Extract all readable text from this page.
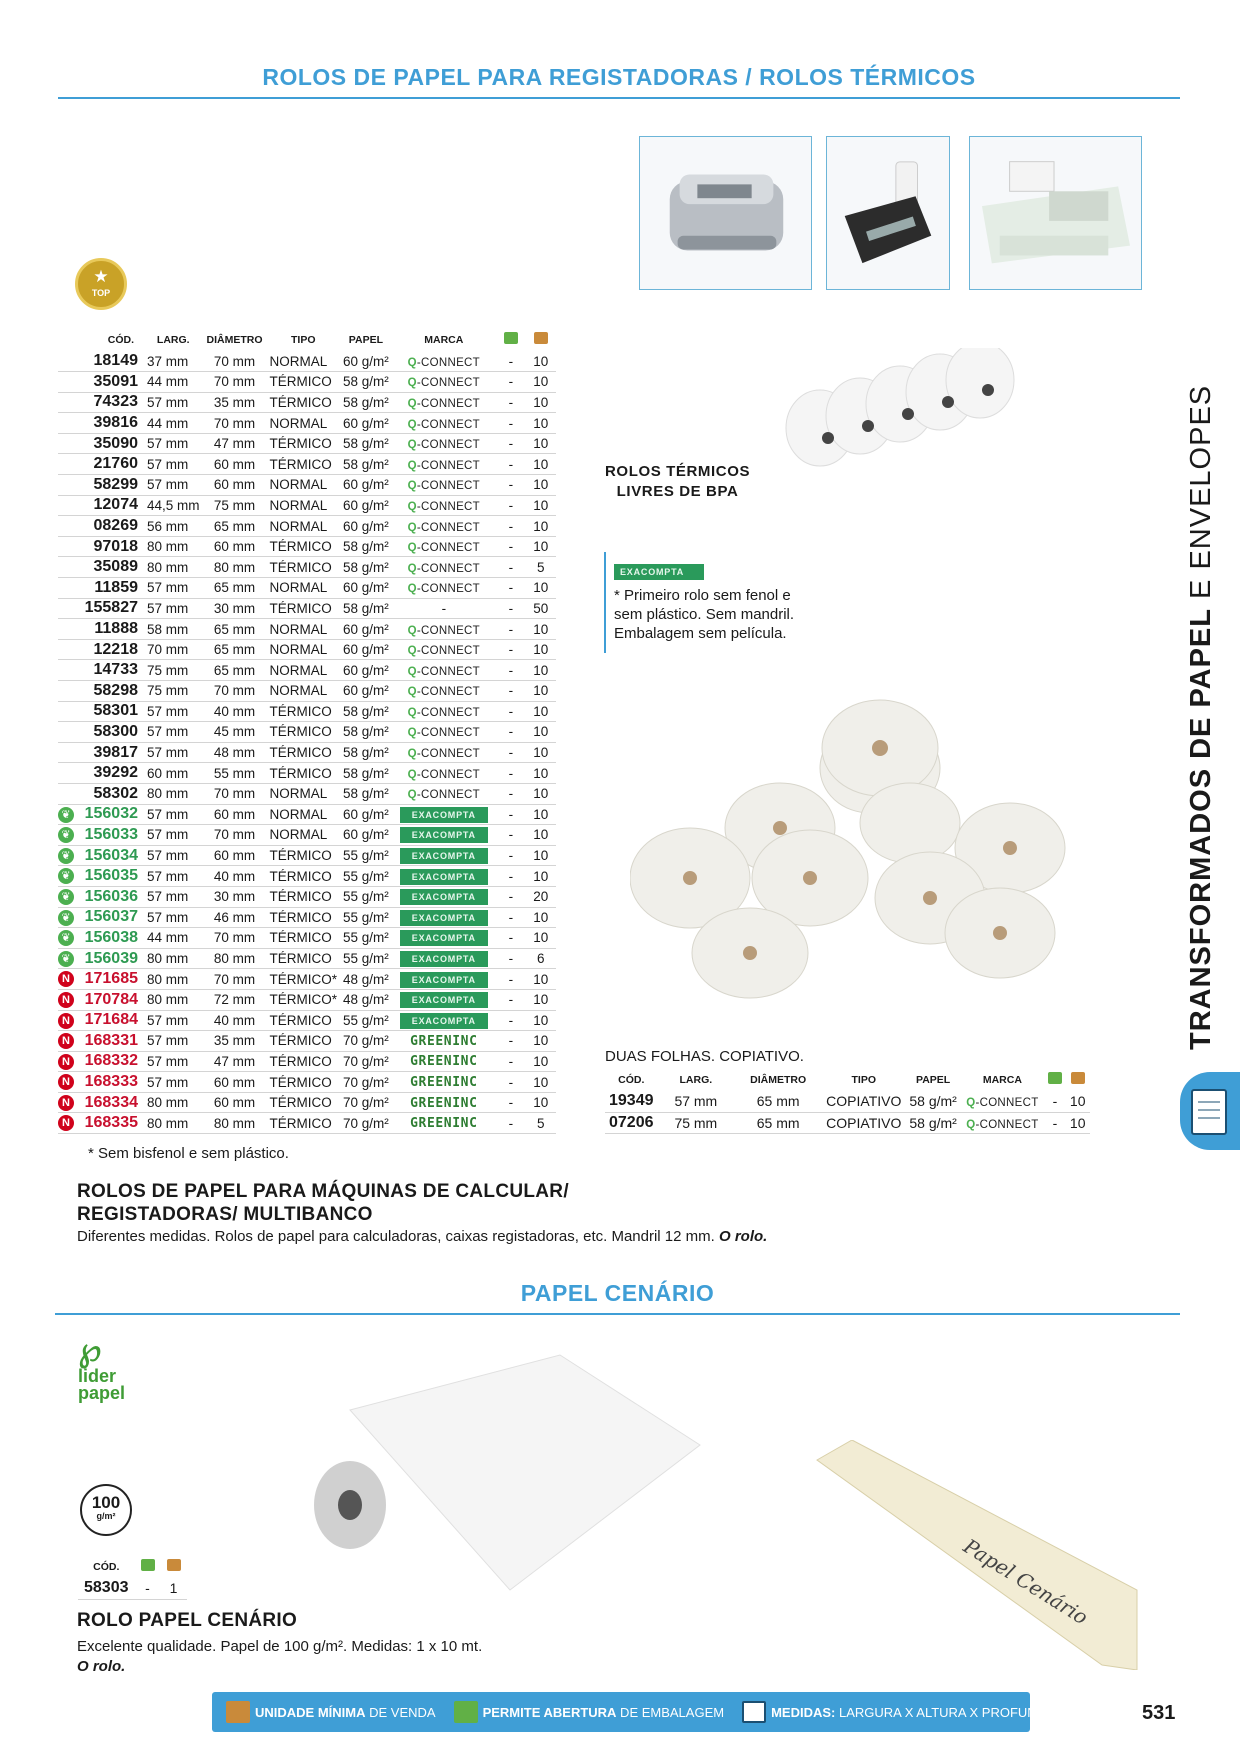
ROLOS DE PAPEL PARA REGISTADORAS / ROLOS TÉRMICOS
★
TOP
CÓD.	LARG.	DIÂMETRO	TIPO	PAPEL	MARCA		
18149	37 mm	70 mm	NORMAL	60 g/m²	Q-CONNECT	-	10
35091	44 mm	70 mm	TÉRMICO	58 g/m²	Q-CONNECT	-	10
74323	57 mm	35 mm	TÉRMICO	58 g/m²	Q-CONNECT	-	10
39816	44 mm	70 mm	NORMAL	60 g/m²	Q-CONNECT	-	10
35090	57 mm	47 mm	TÉRMICO	58 g/m²	Q-CONNECT	-	10
21760	57 mm	60 mm	TÉRMICO	58 g/m²	Q-CONNECT	-	10
58299	57 mm	60 mm	NORMAL	60 g/m²	Q-CONNECT	-	10
12074	44,5 mm	75 mm	NORMAL	60 g/m²	Q-CONNECT	-	10
08269	56 mm	65 mm	NORMAL	60 g/m²	Q-CONNECT	-	10
97018	80 mm	60 mm	TÉRMICO	58 g/m²	Q-CONNECT	-	10
35089	80 mm	80 mm	TÉRMICO	58 g/m²	Q-CONNECT	-	5
11859	57 mm	65 mm	NORMAL	60 g/m²	Q-CONNECT	-	10
155827	57 mm	30 mm	TÉRMICO	58 g/m²	-	-	50
11888	58 mm	65 mm	NORMAL	60 g/m²	Q-CONNECT	-	10
12218	70 mm	65 mm	NORMAL	60 g/m²	Q-CONNECT	-	10
14733	75 mm	65 mm	NORMAL	60 g/m²	Q-CONNECT	-	10
58298	75 mm	70 mm	NORMAL	60 g/m²	Q-CONNECT	-	10
58301	57 mm	40 mm	TÉRMICO	58 g/m²	Q-CONNECT	-	10
58300	57 mm	45 mm	TÉRMICO	58 g/m²	Q-CONNECT	-	10
39817	57 mm	48 mm	TÉRMICO	58 g/m²	Q-CONNECT	-	10
39292	60 mm	55 mm	TÉRMICO	58 g/m²	Q-CONNECT	-	10
58302	80 mm	70 mm	NORMAL	58 g/m²	Q-CONNECT	-	10

❦ 156032	57 mm	60 mm	NORMAL	60 g/m²	EXACOMPTA	-	10

❦ 156033	57 mm	70 mm	NORMAL	60 g/m²	EXACOMPTA	-	10

❦ 156034	57 mm	60 mm	TÉRMICO	55 g/m²	EXACOMPTA	-	10

❦ 156035	57 mm	40 mm	TÉRMICO	55 g/m²	EXACOMPTA	-	10

❦ 156036	57 mm	30 mm	TÉRMICO	55 g/m²	EXACOMPTA	-	20

❦ 156037	57 mm	46 mm	TÉRMICO	55 g/m²	EXACOMPTA	-	10

❦ 156038	44 mm	70 mm	TÉRMICO	55 g/m²	EXACOMPTA	-	10

❦ 156039	80 mm	80 mm	TÉRMICO	55 g/m²	EXACOMPTA	-	6

N 171685	80 mm	70 mm	TÉRMICO*	48 g/m²	EXACOMPTA	-	10

N 170784	80 mm	72 mm	TÉRMICO*	48 g/m²	EXACOMPTA	-	10

N 171684	57 mm	40 mm	TÉRMICO	55 g/m²	EXACOMPTA	-	10

N 168331	57 mm	35 mm	TÉRMICO	70 g/m²	GREENINC	-	10

N 168332	57 mm	47 mm	TÉRMICO	70 g/m²	GREENINC	-	10

N 168333	57 mm	60 mm	TÉRMICO	70 g/m²	GREENINC	-	10

N 168334	80 mm	60 mm	TÉRMICO	70 g/m²	GREENINC	-	10

N 168335	80 mm	80 mm	TÉRMICO	70 g/m²	GREENINC	-	5
* Sem bisfenol e sem plástico.
ROLOS DE PAPEL PARA MÁQUINAS DE CALCULAR/
REGISTADORAS/ MULTIBANCO
Diferentes medidas. Rolos de papel para calculadoras, caixas registadoras, etc. Mandril 12 mm. O rolo.
ROLOS TÉRMICOS
LIVRES DE BPA
EXACOMPTA

* Primeiro rolo sem fenol e

sem plástico. Sem mandril.

Embalagem sem película.

DUAS FOLHAS. COPIATIVO.
CÓD.	LARG.	DIÂMETRO	TIPO	PAPEL	MARCA		
19349	57 mm	65 mm	COPIATIVO	58 g/m²	Q-CONNECT	-	10
07206	75 mm	65 mm	COPIATIVO	58 g/m²	Q-CONNECT	-	10
TRANSFORMADOS DE PAPEL E ENVELOPES
PAPEL CENÁRIO
℘
lider
papel
100
g/m²
Papel Cenário
CÓD.		
58303	-	1
ROLO PAPEL CENÁRIO
Excelente qualidade. Papel de 100 g/m². Medidas: 1 x 10 mt.
O rolo.
UNIDADE MÍNIMA DE VENDA	PERMITE ABERTURA DE EMBALAGEM	MEDIDAS: LARGURA X ALTURA X PROFUNDIDADE	531
